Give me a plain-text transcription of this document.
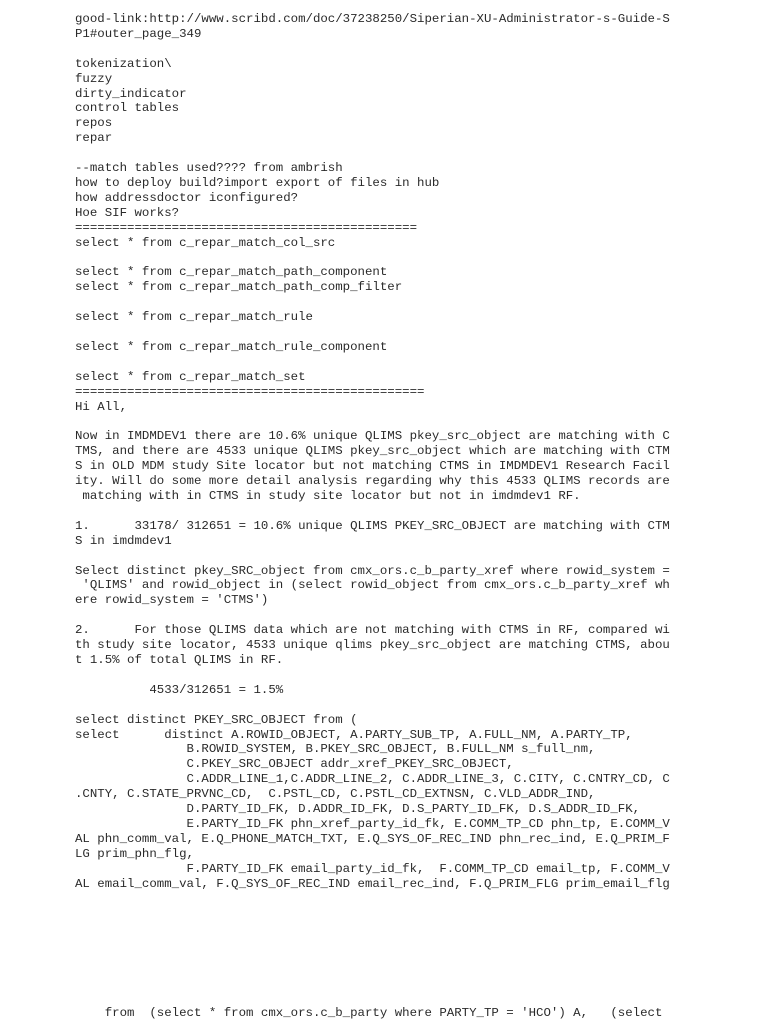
good-link:http://www.scribd.com/doc/37238250/Siperian-XU-Administrator-s-Guide-S
P1#outer_page_349

tokenization\
fuzzy
dirty_indicator
control tables
repos
repar

--match tables used???? from ambrish
how to deploy build?import export of files in hub
how addressdoctor iconfigured?
Hoe SIF works?
==============================================
select * from c_repar_match_col_src

select * from c_repar_match_path_component
select * from c_repar_match_path_comp_filter

select * from c_repar_match_rule

select * from c_repar_match_rule_component

select * from c_repar_match_set
===============================================
Hi All,

Now in IMDMDEV1 there are 10.6% unique QLIMS pkey_src_object are matching with C
TMS, and there are 4533 unique QLIMS pkey_src_object which are matching with CTM
S in OLD MDM study Site locator but not matching CTMS in IMDMDEV1 Research Facil
ity. Will do some more detail analysis regarding why this 4533 QLIMS records are
matching with in CTMS in study site locator but not in imdmdev1 RF.

1.      33178/ 312651 = 10.6% unique QLIMS PKEY_SRC_OBJECT are matching with CTM
S in imdmdev1

Select distinct pkey_SRC_object from cmx_ors.c_b_party_xref where rowid_system =
'QLIMS' and rowid_object in (select rowid_object from cmx_ors.c_b_party_xref wh
ere rowid_system = 'CTMS')

2.      For those QLIMS data which are not matching with CTMS in RF, compared wi
th study site locator, 4533 unique qlims pkey_src_object are matching CTMS, abou
t 1.5% of total QLIMS in RF.

4533/312651 = 1.5%

select distinct PKEY_SRC_OBJECT from (
select      distinct A.ROWID_OBJECT, A.PARTY_SUB_TP, A.FULL_NM, A.PARTY_TP,
B.ROWID_SYSTEM, B.PKEY_SRC_OBJECT, B.FULL_NM s_full_nm,
C.PKEY_SRC_OBJECT addr_xref_PKEY_SRC_OBJECT,
C.ADDR_LINE_1,C.ADDR_LINE_2, C.ADDR_LINE_3, C.CITY, C.CNTRY_CD, C
.CNTY, C.STATE_PRVNC_CD,  C.PSTL_CD, C.PSTL_CD_EXTNSN, C.VLD_ADDR_IND,
D.PARTY_ID_FK, D.ADDR_ID_FK, D.S_PARTY_ID_FK, D.S_ADDR_ID_FK,
E.PARTY_ID_FK phn_xref_party_id_fk, E.COMM_TP_CD phn_tp, E.COMM_V
AL phn_comm_val, E.Q_PHONE_MATCH_TXT, E.Q_SYS_OF_REC_IND phn_rec_ind, E.Q_PRIM_F
LG prim_phn_flg,
F.PARTY_ID_FK email_party_id_fk,  F.COMM_TP_CD email_tp, F.COMM_V
AL email_comm_val, F.Q_SYS_OF_REC_IND email_rec_ind, F.Q_PRIM_FLG prim_email_flg
from  (select * from cmx_ors.c_b_party where PARTY_TP = 'HCO') A,   (select
